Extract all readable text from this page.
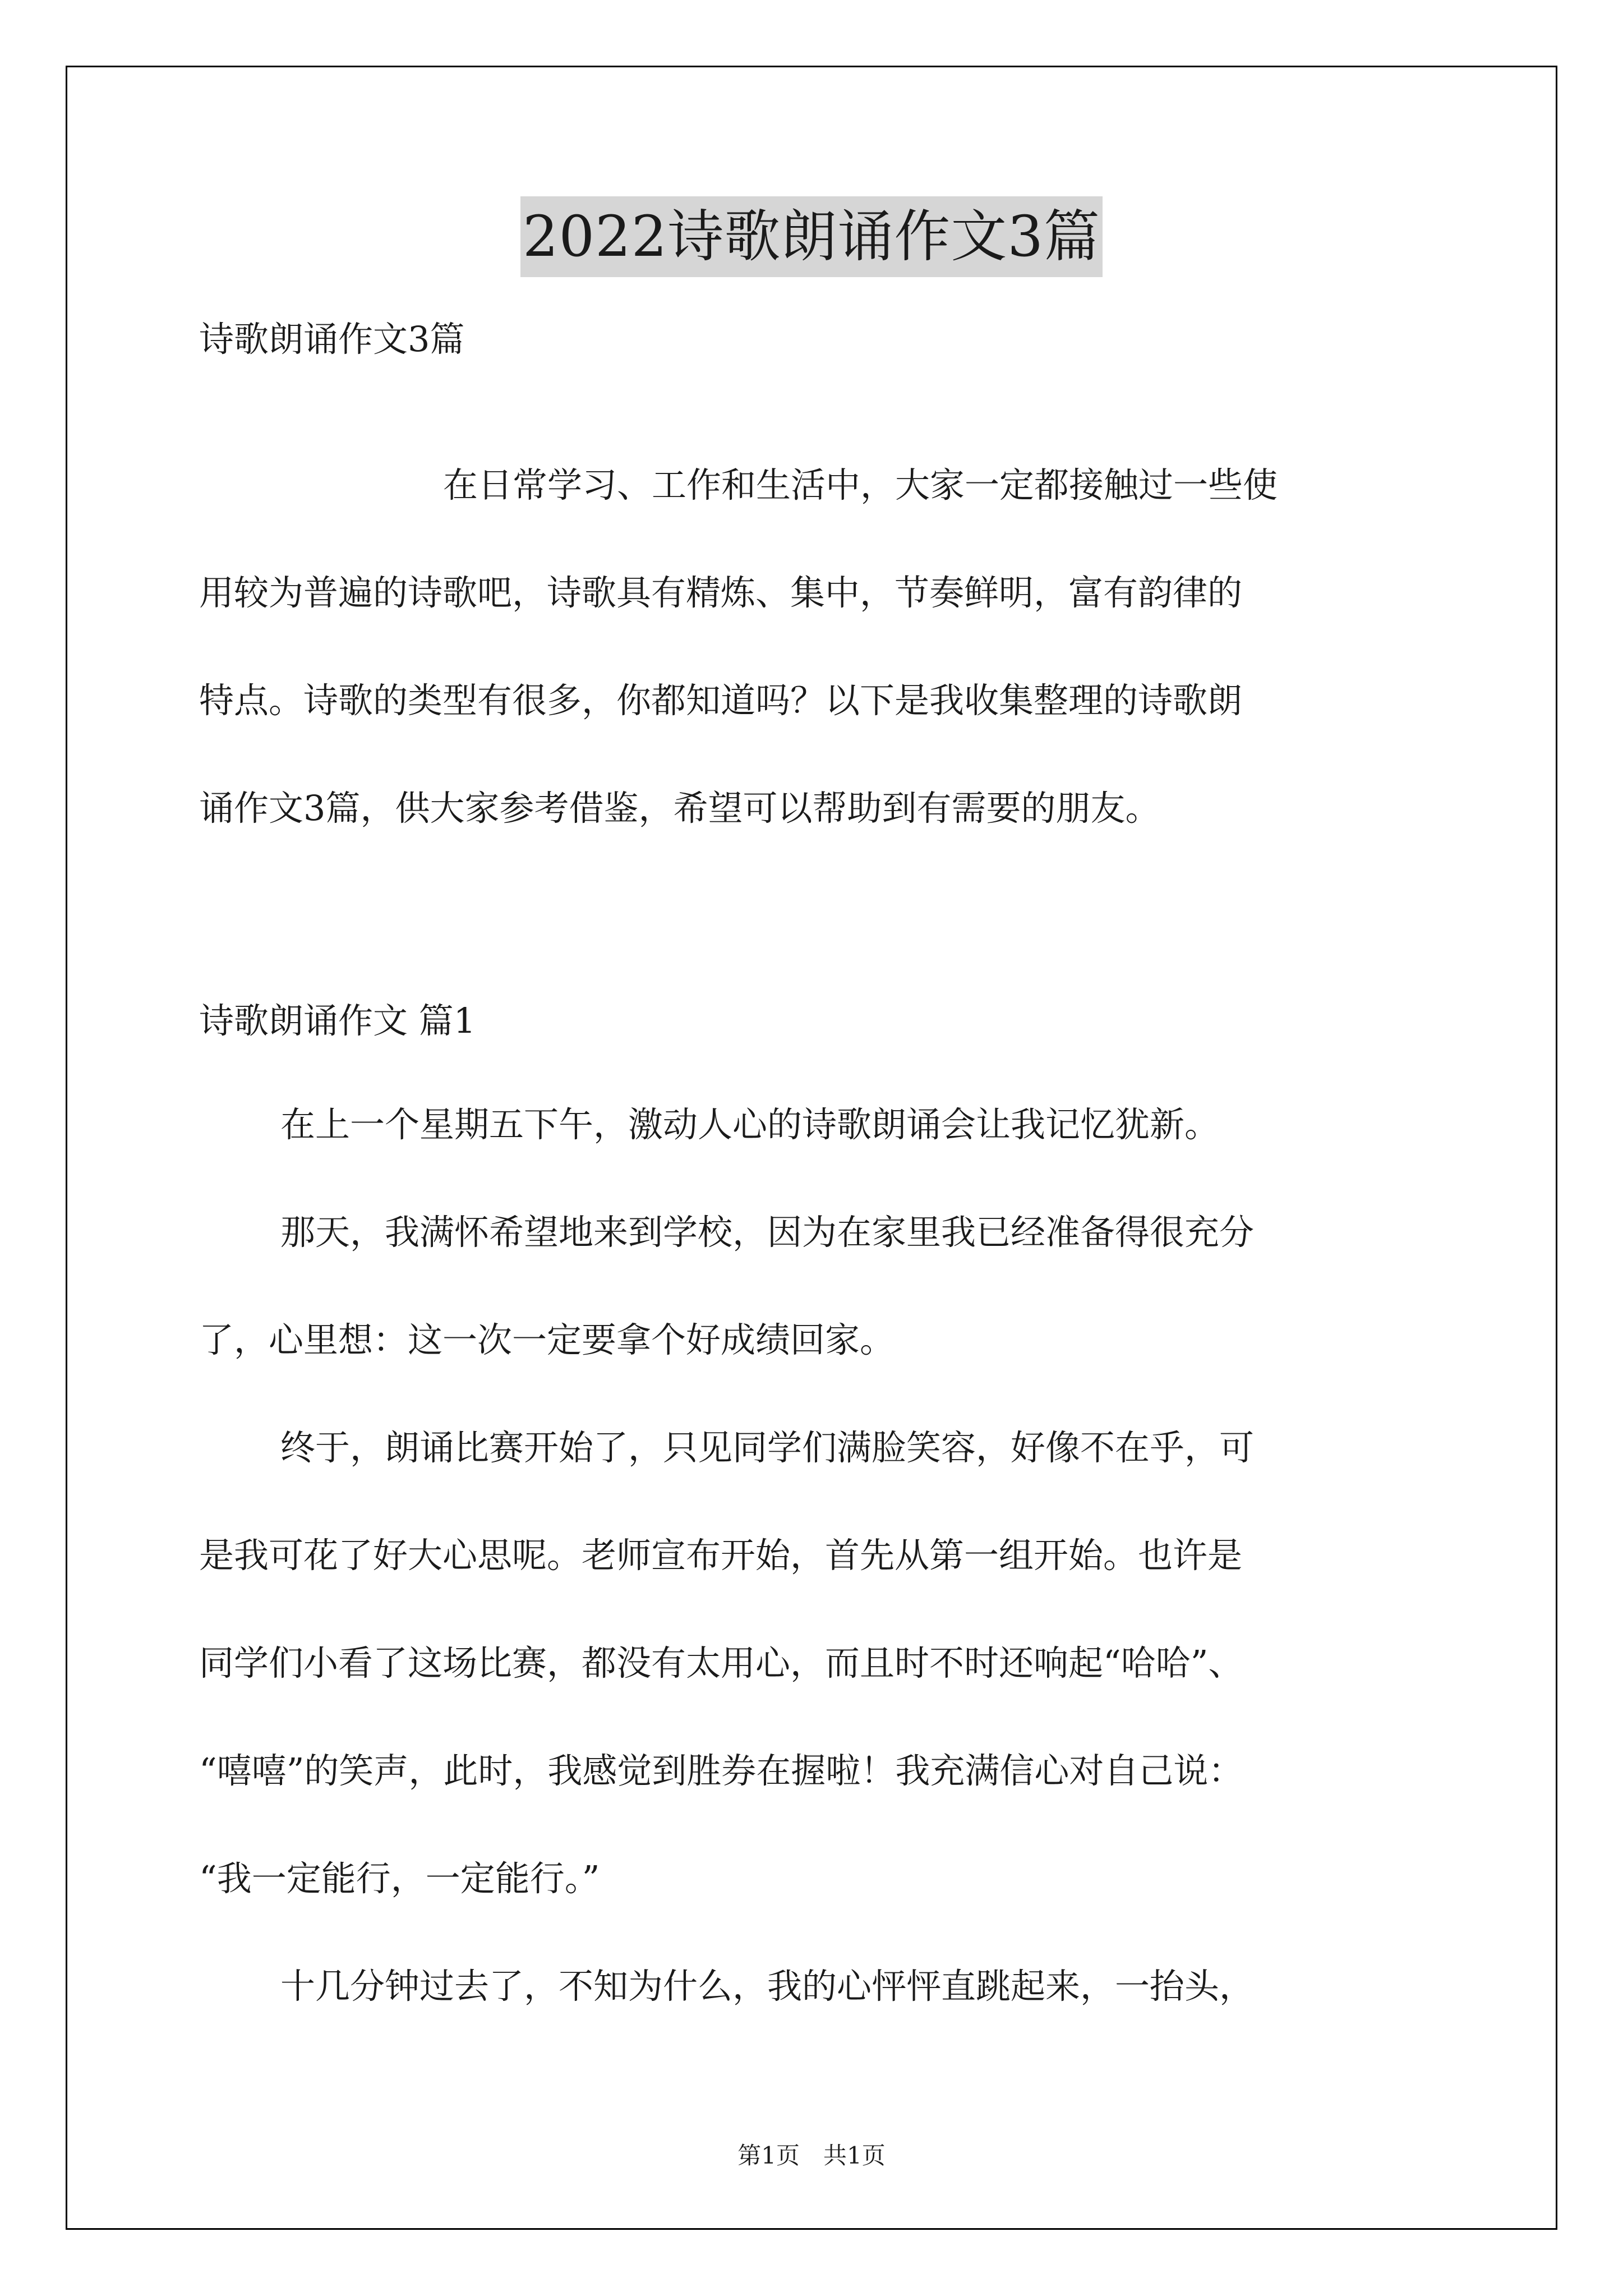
2022诗歌朗诵作文3篇
诗歌朗诵作文3篇
在日常学习、工作和生活中，大家一定都接触过一些使
用较为普遍的诗歌吧，诗歌具有精炼、集中，节奏鲜明，富有韵律的
特点。诗歌的类型有很多，你都知道吗？以下是我收集整理的诗歌朗
诵作文3篇，供大家参考借鉴，希望可以帮助到有需要的朋友。
诗歌朗诵作文 篇1
在上一个星期五下午，激动人心的诗歌朗诵会让我记忆犹新。
那天，我满怀希望地来到学校，因为在家里我已经准备得很充分
了，心里想：这一次一定要拿个好成绩回家。
终于，朗诵比赛开始了，只见同学们满脸笑容，好像不在乎，可
是我可花了好大心思呢。老师宣布开始，首先从第一组开始。也许是
同学们小看了这场比赛，都没有太用心，而且时不时还响起“哈哈”、
“嘻嘻”的笑声，此时，我感觉到胜券在握啦！我充满信心对自己说：
“我一定能行，一定能行。”
十几分钟过去了，不知为什么，我的心怦怦直跳起来，一抬头，
第1页　共1页
